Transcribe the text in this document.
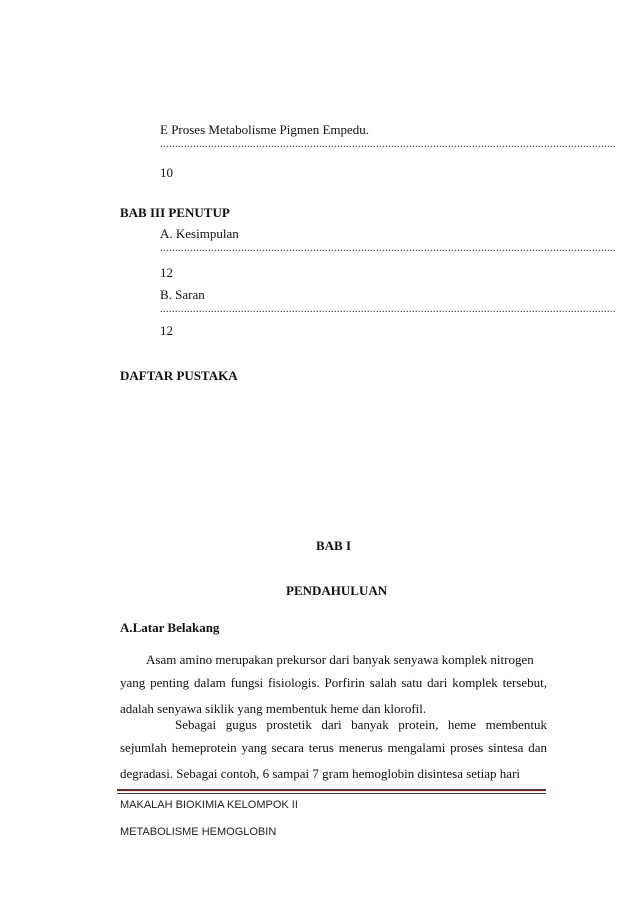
E Proses Metabolisme Pigmen Empedu.
........................................................................................................................................................
10
BAB III PENUTUP
A. Kesimpulan
........................................................................................................................................................
12
B. Saran
........................................................................................................................................................
12
DAFTAR PUSTAKA
BAB I
PENDAHULUAN
A.Latar Belakang
Asam amino merupakan prekursor dari banyak senyawa komplek nitrogen
yang penting dalam fungsi fisiologis. Porfirin salah satu dari komplek tersebut, adalah senyawa siklik yang membentuk heme dan klorofil.
Sebagai gugus prostetik dari banyak protein, heme membentuk
sejumlah hemeprotein yang secara terus menerus mengalami proses sintesa dan degradasi. Sebagai contoh, 6 sampai 7 gram hemoglobin disintesa setiap hari
MAKALAH BIOKIMIA KELOMPOK II
METABOLISME HEMOGLOBIN
